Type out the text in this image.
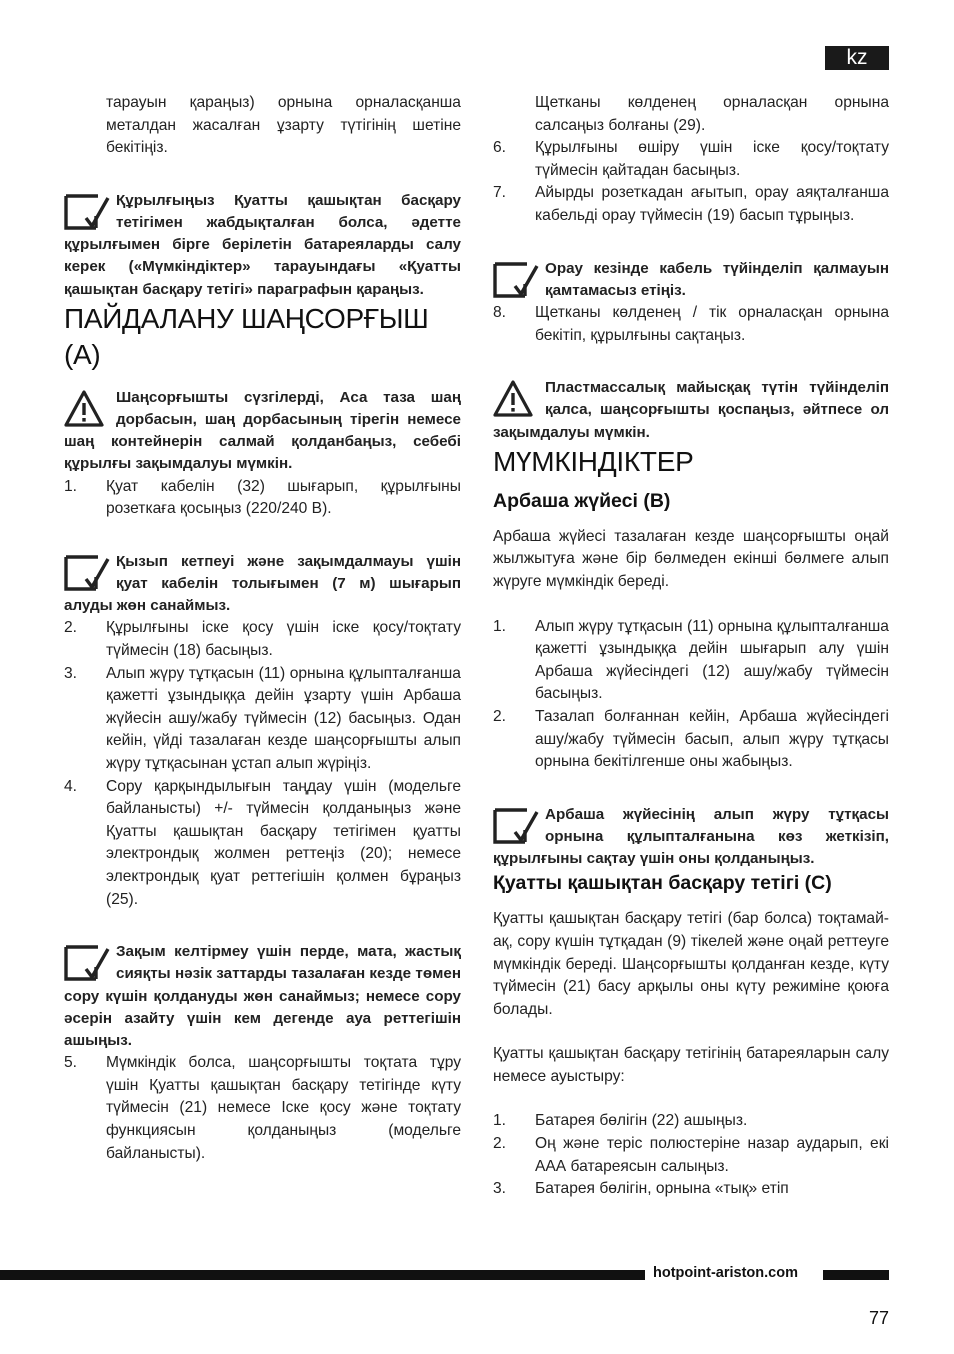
kz

тарауын қараңыз) орнына орналасқанша металдан жасалған ұзарту түтігінің шетіне бекітіңіз.

Құрылғыңыз Қуатты қашықтан басқару тетігімен жабдықталған болса, әдетте құрылғымен бірге берілетін батареяларды салу керек («Мүмкіндіктер» тарауындағы «Қуатты қашықтан басқару тетігі» параграфын қараңыз.
ПАЙДАЛАНУ ШАҢСОРҒЫШ (А)
Шаңсорғышты сүзгілерді, Аса таза шаң дорбасын, шаң дорбасының тірегін немесе шаң контейнерін салмай қолданбаңыз, себебі құрылғы зақымдалуы мүмкін.
1. Қуат кабелін (32) шығарып, құрылғыны розеткаға қосыңыз (220/240 В).
Қызып кетпеуі және зақымдалмауы үшін қуат кабелін толығымен (7 м) шығарып алуды жөн санаймыз.
2. Құрылғыны іске қосу үшін іске қосу/тоқтату түймесін (18) басыңыз.
3. Алып жүру тұтқасын (11) орнына құлыпталғанша қажетті ұзындыққа дейін ұзарту үшін Арбаша жүйесін ашу/жабу түймесін (12) басыңыз. Одан кейін, үйді тазалаған кезде шаңсорғышты алып жүру тұтқасынан ұстап алып жүріңіз.
4. Сору қарқындылығын таңдау үшін (модельге байланысты) +/- түймесін қолданыңыз және Қуатты қашықтан басқару тетігімен қуатты электрондық жолмен реттеңіз (20); немесе электрондық қуат реттегішін қолмен бұраңыз (25).
Зақым келтірмеу үшін перде, мата, жастық сияқты нәзік заттарды тазалаған кезде төмен сору күшін қолдануды жөн санаймыз; немесе сору әсерін азайту үшін кем дегенде ауа реттегішін ашыңыз.
5. Мүмкіндік болса, шаңсорғышты тоқтата тұру үшін Қуатты қашықтан басқару тетігінде күту түймесін (21) немесе Іске қосу және тоқтату функциясын қолданыңыз (модельге байланысты).

Щетканы көлденең орналасқан орнына салсаңыз болғаны (29).

6. Құрылғыны өшіру үшін іске қосу/тоқтату түймесін қайтадан басыңыз.
7. Айырды розеткадан ағытып, орау аяқталғанша кабельді орау түймесін (19) басып тұрыңыз.
Орау кезінде кабель түйінделіп қалмауын қамтамасыз етіңіз.
8. Щетканы көлденең / тік орналасқан орнына бекітіп, құрылғыны сақтаңыз.
Пластмассалық майысқақ түтін түйінделіп қалса, шаңсорғышты қоспаңыз, әйтпесе ол зақымдалуы мүмкін.
МҮМКІНДІКТЕР
Арбаша жүйесі (В)

Арбаша жүйесі тазалаған кезде шаңсорғышты оңай жылжытуға және бір бөлмеден екінші бөлмеге алып жүруге мүмкіндік береді.

1. Алып жүру тұтқасын (11) орнына құлыпталғанша қажетті ұзындыққа дейін шығарып алу үшін Арбаша жүйесіндегі (12) ашу/жабу түймесін басыңыз.
2. Тазалап болғаннан кейін, Арбаша жүйесіндегі ашу/жабу түймесін басып, алып жүру тұтқасы орнына бекітілгенше оны жабыңыз.
Арбаша жүйесінің алып жүру тұтқасы орнына құлыпталғанына көз жеткізіп, құрылғыны сақтау үшін оны қолданыңыз.
Қуатты қашықтан басқару тетігі (С)

Қуатты қашықтан басқару тетігі (бар болса) тоқтамай-ақ, сору күшін тұтқадан (9) тікелей және оңай реттеуге мүмкіндік береді. Шаңсорғышты қолданған кезде, күту түймесін (21) басу арқылы оны күту режиміне қоюға болады.

Қуатты қашықтан басқару тетігінің батареяларын салу немесе ауыстыру:

1. Батарея бөлігін (22) ашыңыз.
2. Оң және теріс полюстеріне назар аударып, екі ААА батареясын салыңыз.
3. Батарея бөлігін, орнына «тық» етіп
hotpoint-ariston.com
77
